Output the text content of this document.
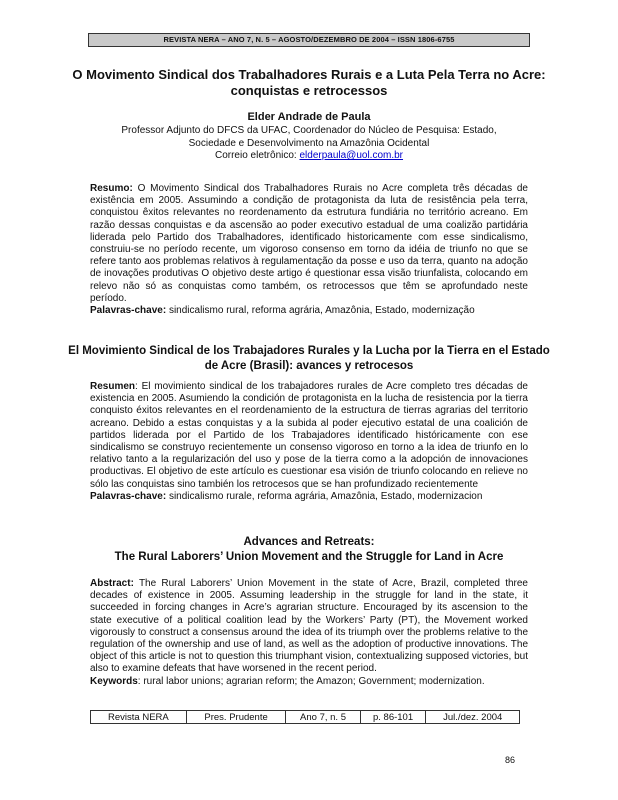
REVISTA NERA – ANO 7, N. 5 – AGOSTO/DEZEMBRO DE 2004 – ISSN 1806-6755
O Movimento Sindical dos Trabalhadores Rurais e a Luta Pela Terra no Acre: conquistas e retrocessos
Elder Andrade de Paula
Professor Adjunto do DFCS da UFAC, Coordenador do Núcleo de Pesquisa: Estado,
Sociedade e Desenvolvimento na Amazônia Ocidental
Correio eletrônico: elderpaula@uol.com.br
Resumo: O Movimento Sindical dos Trabalhadores Rurais no Acre completa três décadas de existência em 2005. Assumindo a condição de protagonista da luta de resistência pela terra, conquistou êxitos relevantes no reordenamento da estrutura fundiária no território acreano. Em razão dessas conquistas e da ascensão ao poder executivo estadual de uma coalizão partidária liderada pelo Partido dos Trabalhadores, identificado historicamente com esse sindicalismo, construiu-se no período recente, um vigoroso consenso em torno da idéia de triunfo no que se refere tanto aos problemas relativos à regulamentação da posse e uso da terra, quanto na adoção de inovações produtivas O objetivo deste artigo é questionar essa visão triunfalista, colocando em relevo não só as conquistas como também, os retrocessos que têm se aprofundado neste período.
Palavras-chave: sindicalismo rural, reforma agrária, Amazônia, Estado, modernização
El Movimiento Sindical de los Trabajadores Rurales y la Lucha por la Tierra en el Estado de Acre (Brasil): avances y retrocesos
Resumen: El movimiento sindical de los trabajadores rurales de Acre completo tres décadas de existencia en 2005. Asumiendo la condición de protagonista en la lucha de resistencia por la tierra conquisto éxitos relevantes en el reordenamiento de la estructura de tierras agrarias del territorio acreano. Debido a estas conquistas y a la subida al poder ejecutivo estatal de una coalición de partidos liderada por el Partido de los Trabajadores identificado históricamente con ese sindicalismo se construyo recientemente un consenso vigoroso en torno a la idea de triunfo en lo relativo tanto a la regularización del uso y pose de la tierra como a la adopción de innovaciones productivas. El objetivo de este artículo es cuestionar esa visión de triunfo colocando en relieve no sólo las conquistas sino también los retrocesos que se han profundizado recientemente
Palavras-chave: sindicalismo rurale, reforma agrária, Amazônia, Estado, modernizacion
Advances and Retreats:
The Rural Laborers’ Union Movement and the Struggle for Land in Acre
Abstract: The Rural Laborers’ Union Movement in the state of Acre, Brazil, completed three decades of existence in 2005. Assuming leadership in the struggle for land in the state, it succeeded in forcing changes in Acre’s agrarian structure. Encouraged by its ascension to the state executive of a political coalition lead by the Workers’ Party (PT), the Movement worked vigorously to construct a consensus around the idea of its triumph over the problems relative to the regulation of the ownership and use of land, as well as the adoption of productive innovations. The object of this article is not to question this triumphant vision, contextualizing supposed victories, but also to examine defeats that have worsened in the recent period.
Keywords: rural labor unions; agrarian reform; the Amazon; Government; modernization.
Revista NERA	Pres. Prudente	Ano 7, n. 5	p. 86-101	Jul./dez. 2004
86
